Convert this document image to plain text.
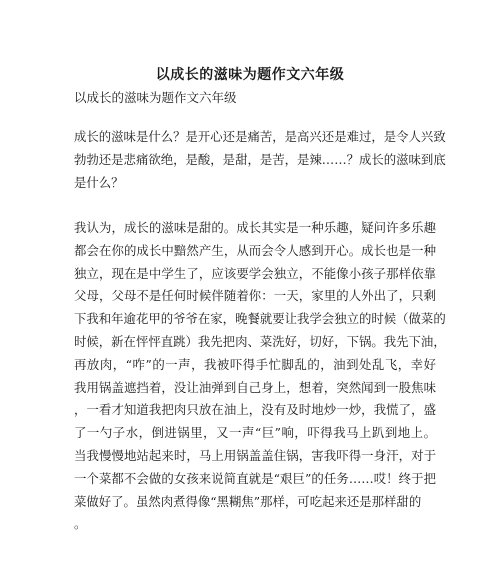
以成长的滋味为题作文六年级
以成长的滋味为题作文六年级

成长的滋味是什么？是开心还是痛苦，是高兴还是难过，是令人兴致
勃勃还是悲痛欲绝，是酸，是甜，是苦，是辣……？成长的滋味到底
是什么？

我认为，成长的滋味是甜的。成长其实是一种乐趣，疑问许多乐趣
都会在你的成长中黯然产生，从而会令人感到开心。成长也是一种
独立，现在是中学生了，应该要学会独立，不能像小孩子那样依靠
父母，父母不是任何时候伴随着你：一天，家里的人外出了，只剩
下我和年逾花甲的爷爷在家，晚餐就要让我学会独立的时候（做菜的
时候，新在怦怦直跳）我先把肉、菜洗好，切好，下锅。我先下油，
再放肉，“咋”的一声，我被吓得手忙脚乱的，油到处乱飞，幸好
我用锅盖遮挡着，没让油弹到自己身上，想着，突然闻到一股焦味
，一看才知道我把肉只放在油上，没有及时地炒一炒，我慌了，盛
了一勺子水，倒进锅里，又一声“巨”响，吓得我马上趴到地上。
当我慢慢地站起来时，马上用锅盖盖住锅，害我吓得一身汗，对于
一个菜都不会做的女孩来说简直就是“艰巨”的任务……哎！终于把
菜做好了。虽然肉煮得像“黑糊焦”那样，可吃起来还是那样甜的
。
